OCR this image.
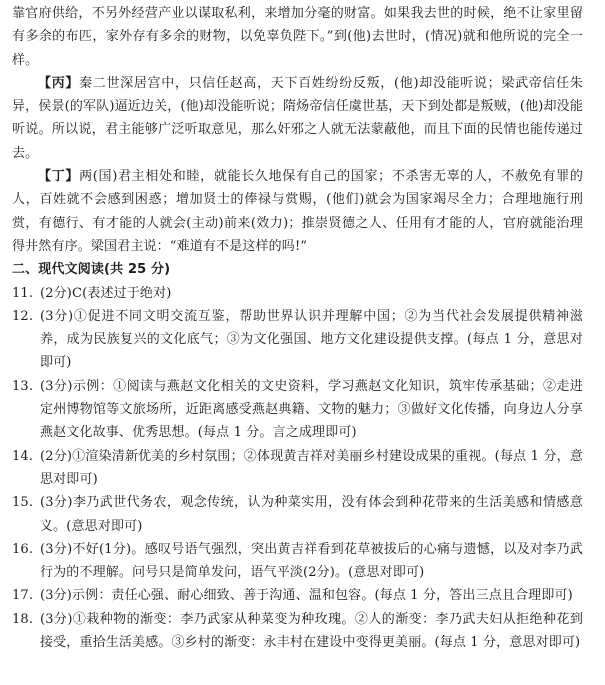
靠官府供给，不另外经营产业以谋取私利，来增加分毫的财富。如果我去世的时候，绝不让家里留有多余的布匹，家外存有多余的财物，以免辜负陛下。”到(他)去世时，(情况)就和他所说的完全一样。

【丙】秦二世深居宫中，只信任赵高，天下百姓纷纷反叛，(他)却没能听说；梁武帝信任朱异，侯景(的军队)逼近边关，(他)却没能听说；隋炀帝信任虞世基，天下到处都是叛贼，(他)却没能听说。所以说，君主能够广泛听取意见，那么奸邪之人就无法蒙蔽他，而且下面的民情也能传递过去。

【丁】两(国)君主相处和睦，就能长久地保有自己的国家；不杀害无辜的人，不赦免有罪的人，百姓就不会感到困惑；增加贤士的俸禄与赏赐，(他们)就会为国家竭尽全力；合理地施行刑赏，有德行、有才能的人就会(主动)前来(效力)；推崇贤德之人、任用有才能的人，官府就能治理得井然有序。梁国君主说：“难道有不是这样的吗!”

二、现代文阅读(共 25 分)

11. (2分)C(表述过于绝对)

12. (3分)①促进不同文明交流互鉴，帮助世界认识并理解中国；②为当代社会发展提供精神滋养，成为民族复兴的文化底气；③为文化强国、地方文化建设提供支撑。(每点 1 分，意思对即可)

13. (3分)示例：①阅读与燕赵文化相关的文史资料，学习燕赵文化知识，筑牢传承基础；②走进定州博物馆等文旅场所，近距离感受燕赵典籍、文物的魅力；③做好文化传播，向身边人分享燕赵文化故事、优秀思想。(每点 1 分。言之成理即可)

14. (2分)①渲染清新优美的乡村氛围；②体现黄吉祥对美丽乡村建设成果的重视。(每点 1 分，意思对即可)

15. (3分)李乃武世代务农，观念传统，认为种菜实用，没有体会到种花带来的生活美感和情感意义。(意思对即可)

16. (3分)不好(1分)。感叹号语气强烈，突出黄吉祥看到花草被拔后的心痛与遗憾，以及对李乃武行为的不理解。问号只是简单发问，语气平淡(2分)。(意思对即可)

17. (3分)示例：责任心强、耐心细致、善于沟通、温和包容。(每点 1 分，答出三点且合理即可)

18. (3分)①栽种物的渐变：李乃武家从种菜变为种玫瑰。②人的渐变：李乃武夫妇从拒绝种花到接受，重拾生活美感。③乡村的渐变：永丰村在建设中变得更美丽。(每点 1 分，意思对即可)
